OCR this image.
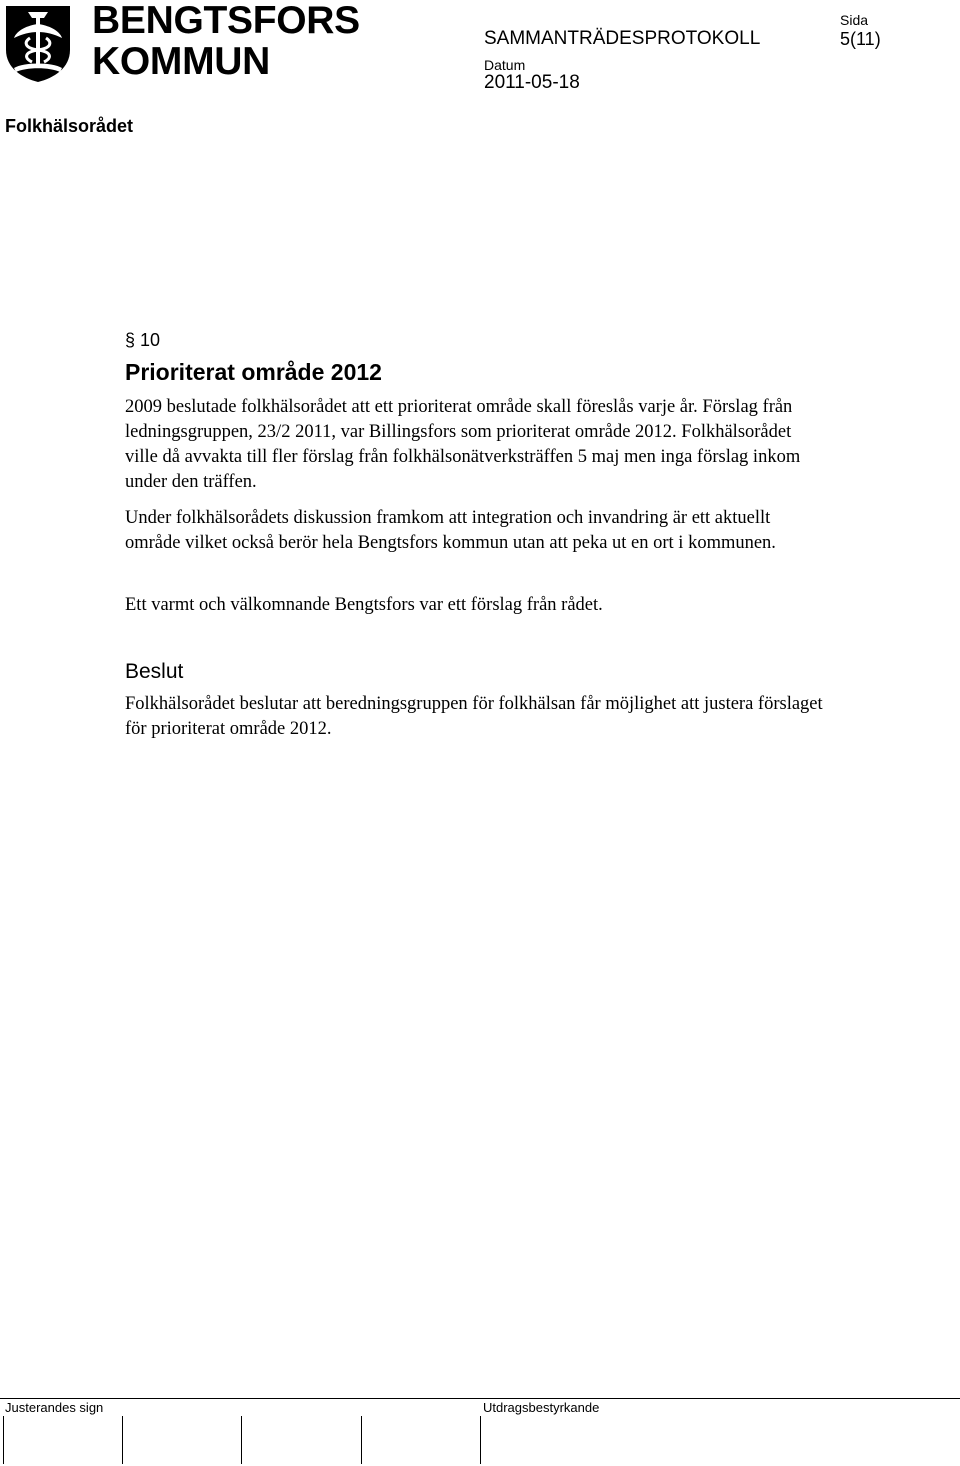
BENGTSFORS
KOMMUN
SAMMANTRÄDESPROTOKOLL
Sida
5(11)
Datum
2011-05-18
Folkhälsorådet
§ 10
Prioriterat område 2012

2009 beslutade folkhälsorådet att ett prioriterat område skall föreslås varje år. Förslag från ledningsgruppen, 23/2 2011, var Billingsfors som prioriterat område 2012. Folkhälsorådet ville då avvakta till fler förslag från folkhälsonätverksträffen 5 maj men inga förslag inkom under den träffen.

Under folkhälsorådets diskussion framkom att integration och invandring är ett aktuellt område vilket också berör hela Bengtsfors kommun utan att peka ut en ort i kommunen.

Ett varmt och välkomnande Bengtsfors var ett förslag från rådet.

Beslut

Folkhälsorådet beslutar att beredningsgruppen för folkhälsan får möjlighet att justera förslaget för prioriterat område 2012.

Justerandes sign	Utdragsbestyrkande
